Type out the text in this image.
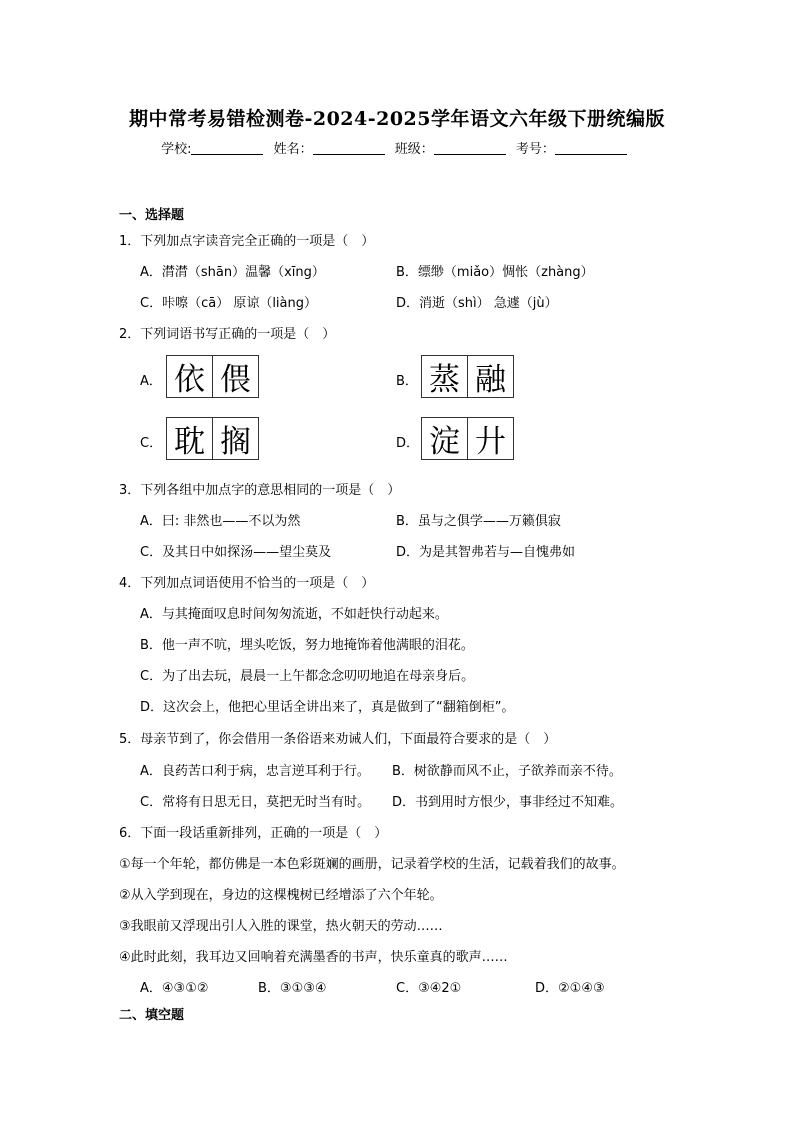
期中常考易错检测卷-2024-2025学年语文六年级下册统编版
学校:	姓名：	班级：	考号：
一、选择题
1．下列加点字读音完全正确的一项是（　）
A．潸潸（shān）温馨（xīng）	B．缥缈（miǎo）惆怅（zhàng）
C．咔嚓（cā） 原谅（liàng）	D．消逝（shì） 急遽（jù）
2．下列词语书写正确的一项是（　）
A． 依 偎	B． 蒸 融
C． 耽 搁	D． 淀 廾
3．下列各组中加点字的意思相同的一项是（　）
A．曰: 非然也——不以为然	B．虽与之俱学——万籁俱寂
C．及其日中如探汤——望尘莫及	D．为是其智弗若与—自愧弗如
4．下列加点词语使用不恰当的一项是（　）
A．与其掩面叹息时间匆匆流逝，不如赶快行动起来。
B．他一声不吭，埋头吃饭，努力地掩饰着他满眼的泪花。
C．为了出去玩，晨晨一上午都念念叨叨地追在母亲身后。
D．这次会上，他把心里话全讲出来了，真是做到了“翻箱倒柜”。
5．母亲节到了，你会借用一条俗语来劝诫人们，下面最符合要求的是（　）
A．良药苦口利于病，忠言逆耳利于行。 B．树欲静而风不止，子欲养而亲不待。
C．常将有日思无日，莫把无时当有时。 D．书到用时方恨少，事非经过不知难。
6．下面一段话重新排列，正确的一项是（　）
①每一个年轮，都仿佛是一本色彩斑斓的画册，记录着学校的生活，记载着我们的故事。
②从入学到现在，身边的这棵槐树已经增添了六个年轮。
③我眼前又浮现出引人入胜的课堂，热火朝天的劳动……
④此时此刻，我耳边又回响着充满墨香的书声，快乐童真的歌声……
A．④③①②	B．③①③④	C．③④2①	D．②①④③
二、填空题
